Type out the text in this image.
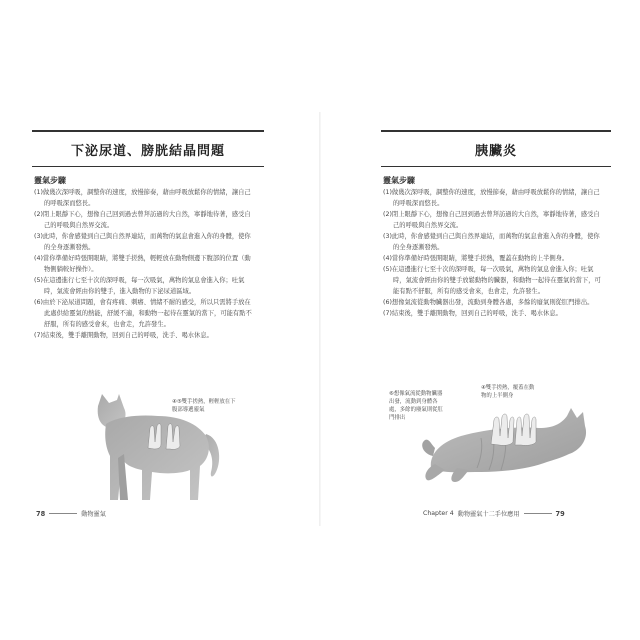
下泌尿道、膀胱結晶問題
靈氣步驟
(1)做幾次深呼吸，調整你的速度，放慢節奏，藉由呼吸放鬆你的情緒，讓自己的呼吸深而悠長。
(2)閉上眼靜下心，想像自己回到過去曾拜訪過的大自然，寧靜地待著，感受自己的呼吸與自然界交流。
(3)此時，你會感覺到自己與自然界連結，而萬物的氣息會進入你的身體，使你的全身逐漸發熱。
(4)當你準備好時張開眼睛，將雙手搓熱，輕輕放在動物側邊下腹部的位置（動物側躺較好操作）。
(5)在這邊進行七至十次的深呼吸，每一次吸氣，萬物的氣息會進入你；吐氣時，氣流會經由你的雙手，進入動物的下泌尿道區域。
(6)由於下泌尿道問題，會有疼痛、刺癢、情緒不耐的感受，所以只需將手放在此處供給靈氣的熱能，舒緩不適，和動物一起待在靈氣的當下，可能有點不舒服，所有的感受會來，也會走，允許發生。
(7)結束後，雙手離開動物，回到自己的呼吸，洗手、喝水休息。
④⑤雙手搓熱，輕輕放在下腹部導遞靈氣
78	動物靈氣
胰臟炎
靈氣步驟
(1)做幾次深呼吸，調整你的速度，放慢節奏，藉由呼吸放鬆你的情緒，讓自己的呼吸深而悠長。
(2)閉上眼靜下心，想像自己回到過去曾拜訪過的大自然，寧靜地待著，感受自己的呼吸與自然界交流。
(3)此時，你會感覺到自己與自然界連結，而萬物的氣息會進入你的身體，使你的全身逐漸發熱。
(4)當你準備好時張開眼睛，將雙手搓熱，覆蓋在動物的上半側身。
(5)在這邊進行七至十次的深呼吸，每一次吸氣，萬物的氣息會進入你；吐氣時，氣流會經由你的雙手放鬆動物的臟器，和動物一起待在靈氣的當下，可能有點不舒服，所有的感受會來，也會走，允許發生。
(6)想像氣流從動物臟器出發，流動到身體各處，多餘的廢氣則從肛門排出。
(7)結束後，雙手離開動物，回到自己的呼吸，洗手、喝水休息。
④雙手搓熱，覆蓋在動物的上半側身
⑥想像氣流從動物臟器出發，流動到身體各處，多餘的廢氣則從肛門排出
Chapter 4 動物靈氣十二手位應用	79
